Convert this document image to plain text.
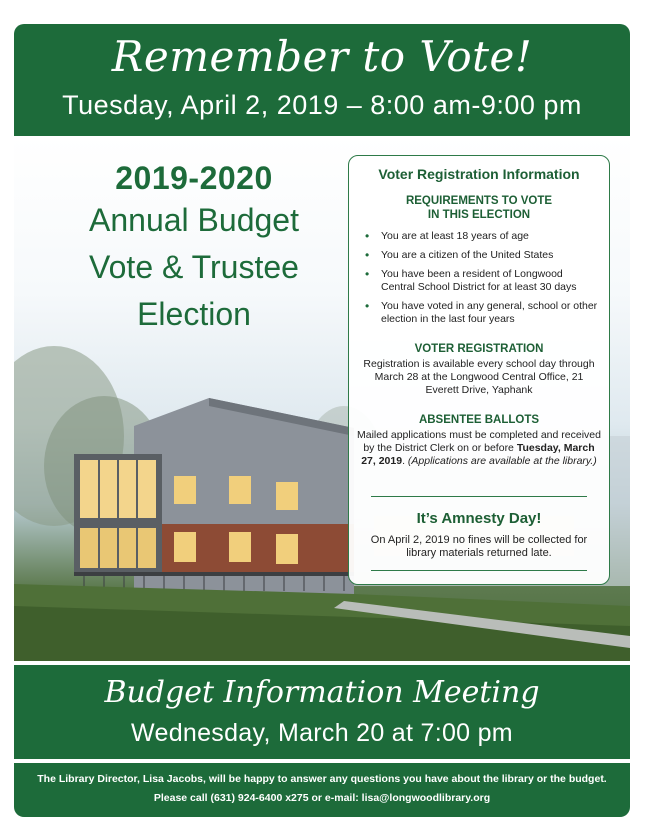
Remember to Vote!
Tuesday, April 2, 2019 – 8:00 am-9:00 pm
2019-2020
Annual Budget
Vote & Trustee
Election
Voter Registration Information
REQUIREMENTS TO VOTE
IN THIS ELECTION
• You are at least 18 years of age
• You are a citizen of the United States
• You have been a resident of Longwood Central School District for at least 30 days
• You have voted in any general, school or other election in the last four years
VOTER REGISTRATION
Registration is available every school day through March 28 at the Longwood Central Office, 21 Everett Drive, Yaphank
ABSENTEE BALLOTS
Mailed applications must be completed and received by the District Clerk on or before Tuesday, March 27, 2019. (Applications are available at the library.)
It’s Amnesty Day!
On April 2, 2019 no fines will be collected for library materials returned late.
Budget Information Meeting
Wednesday, March 20 at 7:00 pm
The Library Director, Lisa Jacobs, will be happy to answer any questions you have about the library or the budget.
Please call (631) 924-6400 x275 or e-mail: lisa@longwoodlibrary.org
